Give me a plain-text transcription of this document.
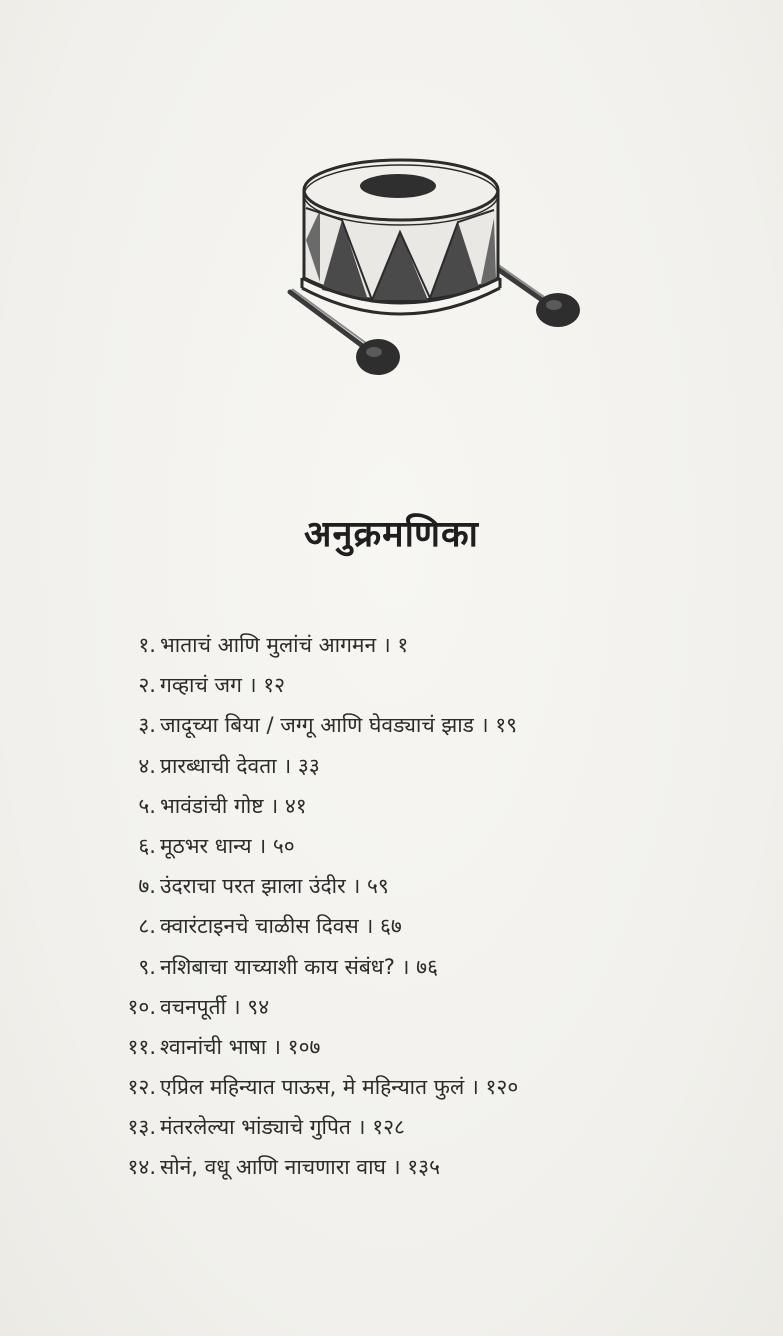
अनुक्रमणिका
१. भाताचं आणि मुलांचं आगमन । १
२. गव्हाचं जग । १२
३. जादूच्या बिया / जग्गू आणि घेवड्याचं झाड । १९
४. प्रारब्धाची देवता । ३३
५. भावंडांची गोष्ट । ४१
६. मूठभर धान्य । ५०
७. उंदराचा परत झाला उंदीर । ५९
८. क्वारंटाइनचे चाळीस दिवस । ६७
९. नशिबाचा याच्याशी काय संबंध? । ७६
१०. वचनपूर्ती । ९४
११. श्वानांची भाषा । १०७
१२. एप्रिल महिन्यात पाऊस, मे महिन्यात फुलं । १२०
१३. मंतरलेल्या भांड्याचे गुपित । १२८
१४. सोनं, वधू आणि नाचणारा वाघ । १३५
